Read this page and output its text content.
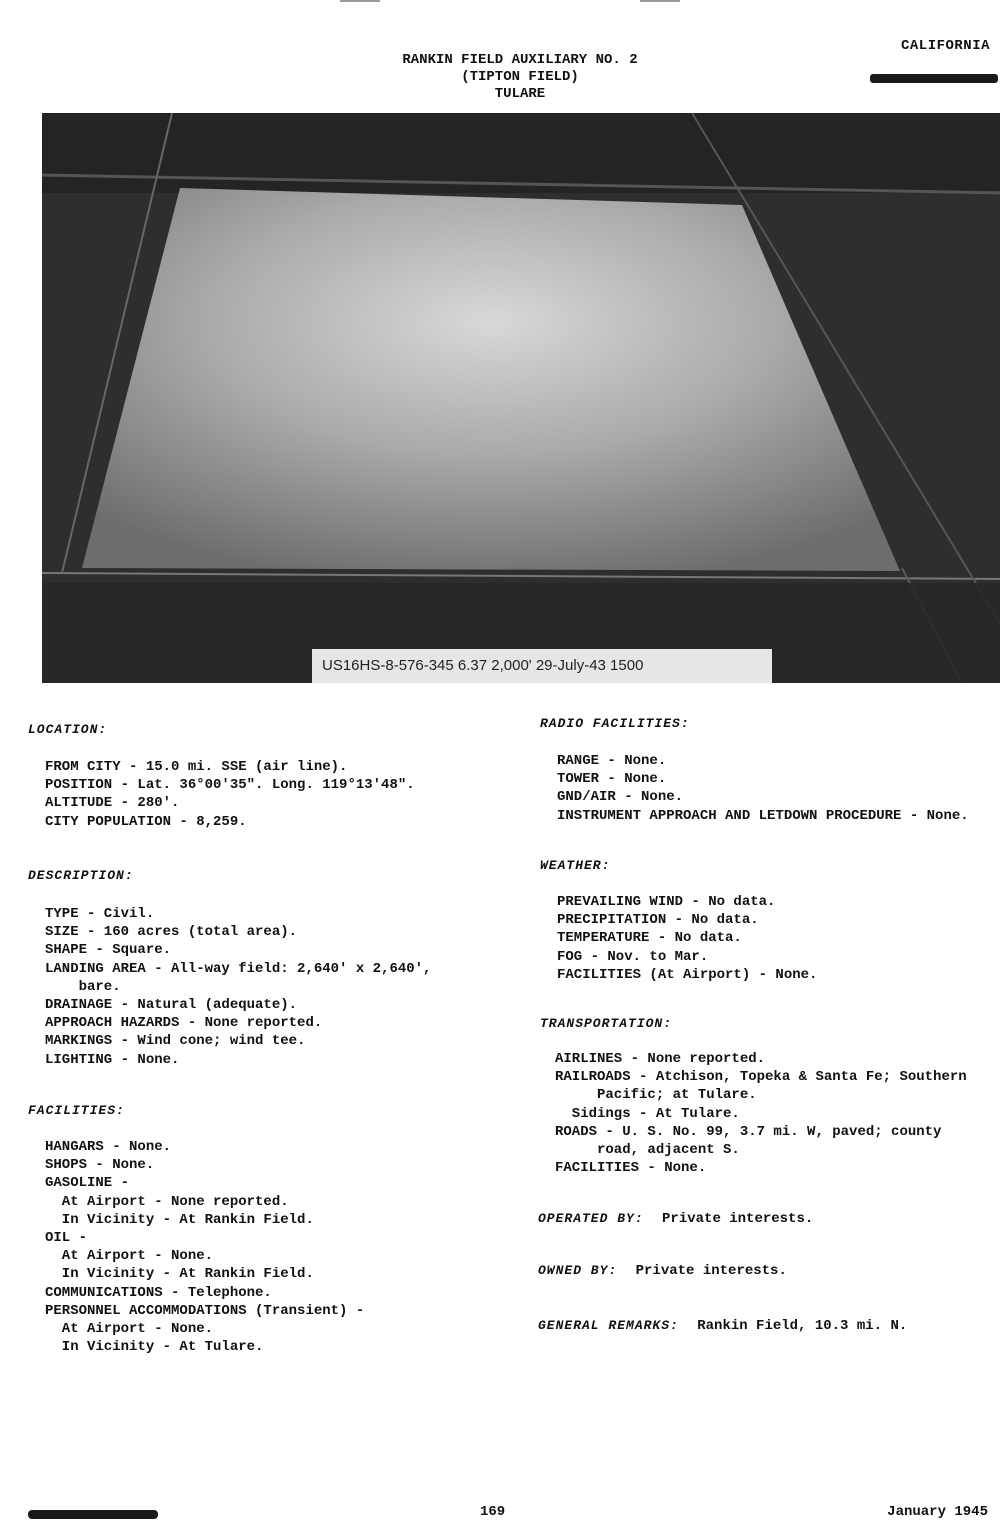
CALIFORNIA
RANKIN FIELD AUXILIARY NO. 2
(TIPTON FIELD)
TULARE
US16HS-8-576-345 6.37 2,000' 29-July-43 1500
LOCATION:
FROM CITY - 15.0 mi. SSE (air line).
POSITION - Lat. 36°00'35". Long. 119°13'48".
ALTITUDE - 280'.
CITY POPULATION - 8,259.
DESCRIPTION:
TYPE - Civil.
SIZE - 160 acres (total area).
SHAPE - Square.
LANDING AREA - All-way field: 2,640' x 2,640',
bare.
DRAINAGE - Natural (adequate).
APPROACH HAZARDS - None reported.
MARKINGS - Wind cone; wind tee.
LIGHTING - None.
FACILITIES:
HANGARS - None.
SHOPS - None.
GASOLINE -
At Airport - None reported.
In Vicinity - At Rankin Field.
OIL -
At Airport - None.
In Vicinity - At Rankin Field.
COMMUNICATIONS - Telephone.
PERSONNEL ACCOMMODATIONS (Transient) -
At Airport - None.
In Vicinity - At Tulare.
RADIO FACILITIES:
RANGE - None.
TOWER - None.
GND/AIR - None.
INSTRUMENT APPROACH AND LETDOWN PROCEDURE - None.
WEATHER:
PREVAILING WIND - No data.
PRECIPITATION - No data.
TEMPERATURE - No data.
FOG - Nov. to Mar.
FACILITIES (At Airport) - None.
TRANSPORTATION:
AIRLINES - None reported.
RAILROADS - Atchison, Topeka & Santa Fe; Southern
Pacific; at Tulare.
Sidings - At Tulare.
ROADS - U. S. No. 99, 3.7 mi. W, paved; county
road, adjacent S.
FACILITIES - None.
OPERATED BY: Private interests.
OWNED BY: Private interests.
GENERAL REMARKS: Rankin Field, 10.3 mi. N.
169	January 1945
